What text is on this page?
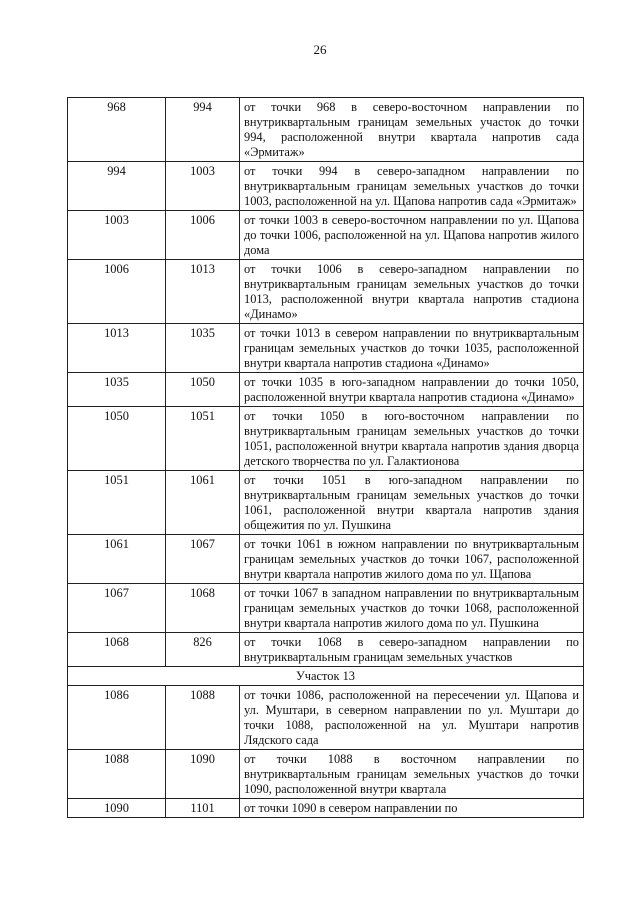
26
968	994	от точки 968 в северо-восточном направлении по внутриквартальным границам земельных участок до точки 994, расположенной внутри квартала напротив сада «Эрмитаж»
994	1003	от точки 994 в северо-западном направлении по внутриквартальным границам земельных участков до точки 1003, расположенной на ул. Щапова напротив сада «Эрмитаж»
1003	1006	от точки 1003 в северо-восточном направлении по ул. Щапова до точки 1006, расположенной на ул. Щапова напротив жилого дома
1006	1013	от точки 1006 в северо-западном направлении по внутриквартальным границам земельных участков до точки 1013, расположенной внутри квартала напротив стадиона «Динамо»
1013	1035	от точки 1013 в севером направлении по внутриквартальным границам земельных участков до точки 1035, расположенной внутри квартала напротив стадиона «Динамо»
1035	1050	от точки 1035 в юго-западном направлении до точки 1050, расположенной внутри квартала напротив стадиона «Динамо»
1050	1051	от точки 1050 в юго-восточном направлении по внутриквартальным границам земельных участков до точки 1051, расположенной внутри квартала напротив здания дворца детского творчества по ул. Галактионова
1051	1061	от точки 1051 в юго-западном направлении по внутриквартальным границам земельных участков до точки 1061, расположенной внутри квартала напротив здания общежития по ул. Пушкина
1061	1067	от точки 1061 в южном направлении по внутриквартальным границам земельных участков до точки 1067, расположенной внутри квартала напротив жилого дома по ул. Щапова
1067	1068	от точки 1067 в западном направлении по внутриквартальным границам земельных участков до точки 1068, расположенной внутри квартала напротив жилого дома по ул. Пушкина
1068	826	от точки 1068 в северо-западном направлении по внутриквартальным границам земельных участков
Участок 13		
1086	1088	от точки 1086, расположенной на пересечении ул. Щапова и ул. Муштари, в северном направлении по ул. Муштари до точки 1088, расположенной на ул. Муштари напротив Лядского сада
1088	1090	от точки 1088 в восточном направлении по внутриквартальным границам земельных участков до точки 1090, расположенной внутри квартала
1090	1101	от точки 1090 в севером направлении по
